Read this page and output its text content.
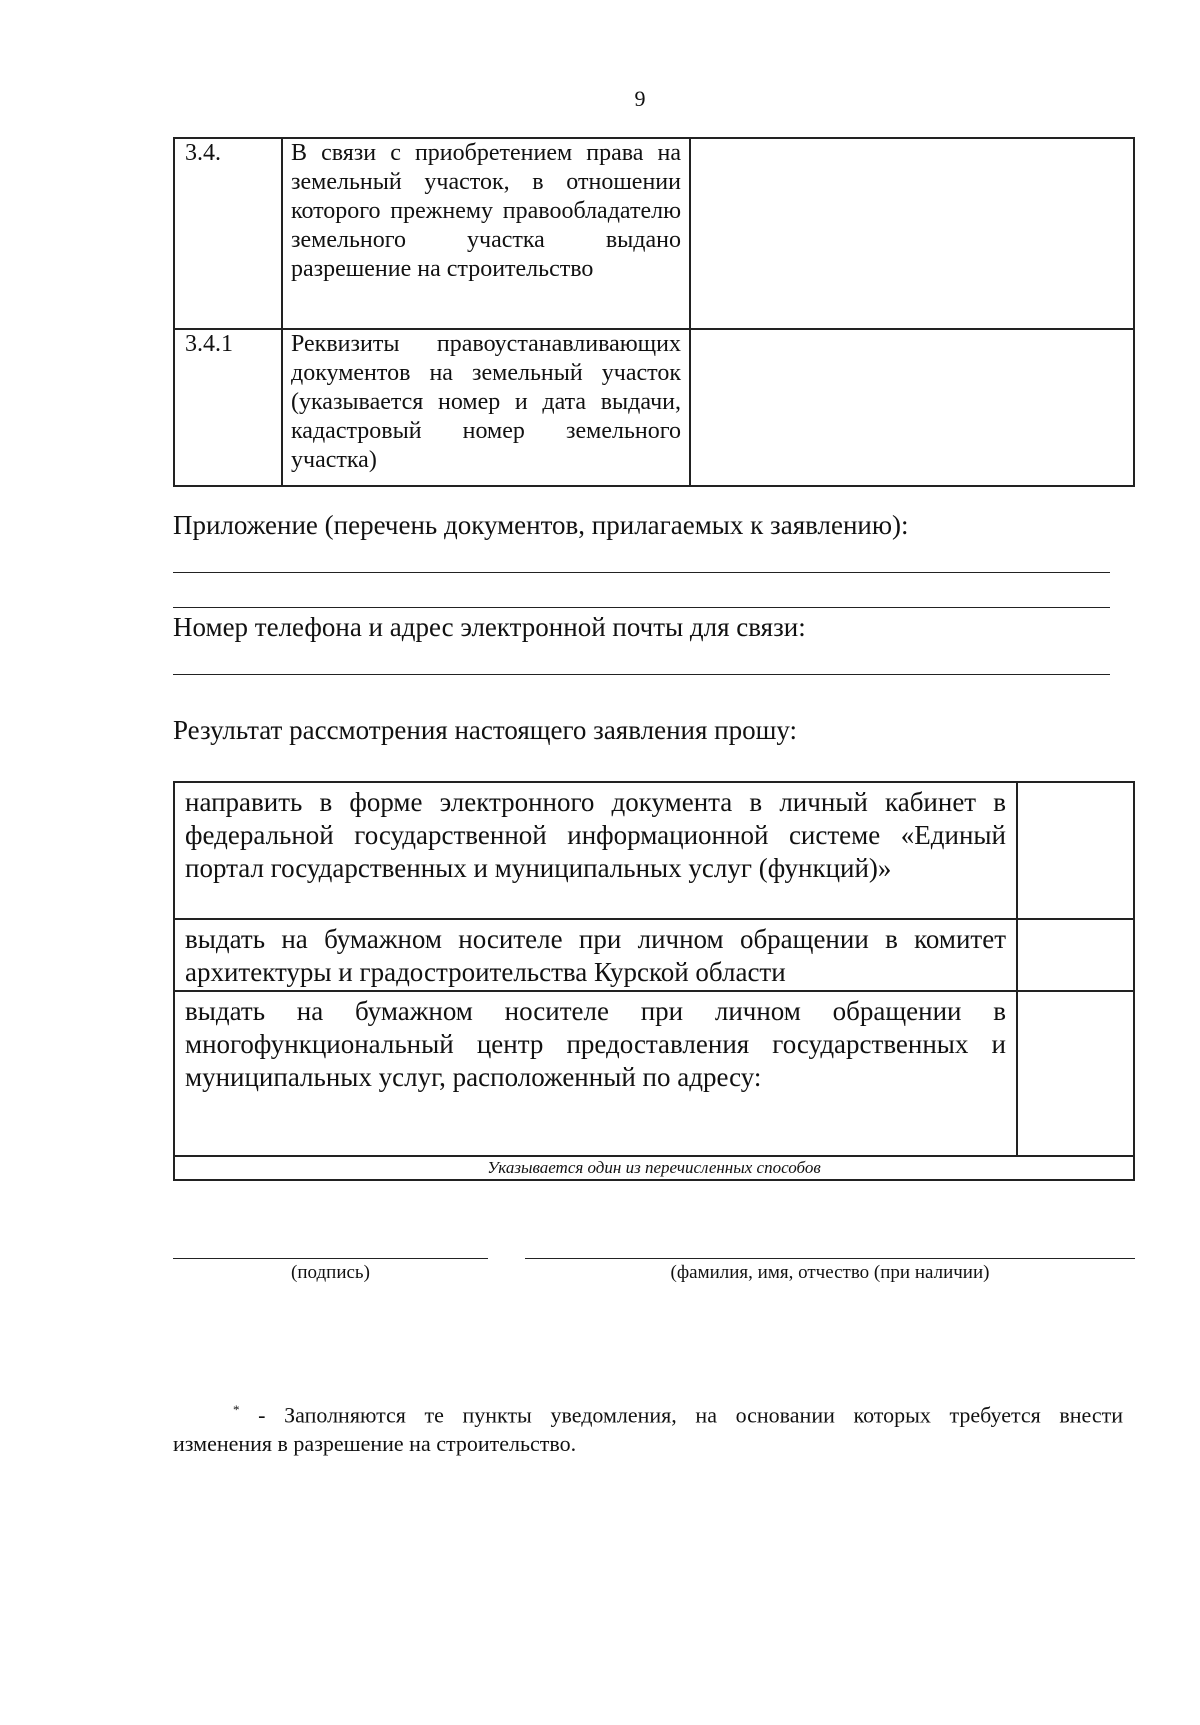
9
3.4.	В связи с приобретением права на земельный участок, в отношении которого прежнему правообладателю земельного участка выдано разрешение на строительство	
3.4.1	Реквизиты правоустанавливающих документов на земельный участок (указывается номер и дата выдачи, кадастровый номер земельного участка)	
Приложение (перечень документов, прилагаемых к заявлению):
Номер телефона и адрес электронной почты для связи:
Результат рассмотрения настоящего заявления прошу:
направить в форме электронного документа в личный кабинет в федеральной государственной информационной системе «Единый портал государственных и муниципальных услуг (функций)»	
выдать на бумажном носителе при личном обращении в комитет архитектуры и градостроительства Курской области	
выдать на бумажном носителе при личном обращении в многофункциональный центр предоставления государственных и муниципальных услуг, расположенный по адресу:	
Указывается один из перечисленных способов	
(подпись)	(фамилия, имя, отчество (при наличии)
* - Заполняются те пункты уведомления, на основании которых требуется внести
изменения в разрешение на строительство.
